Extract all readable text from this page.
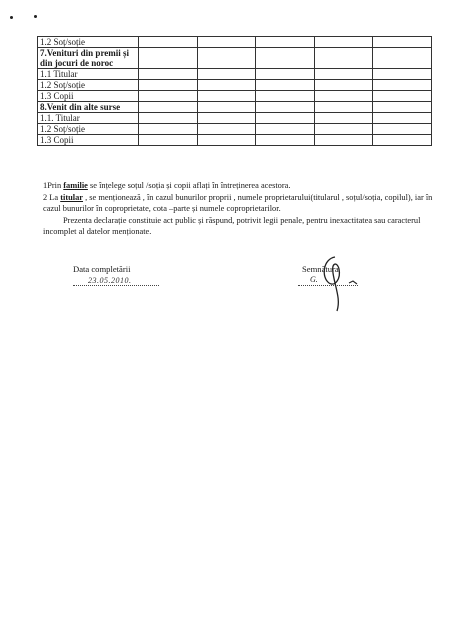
1.2 Soț/soție					
7.Venituri din premii și din jocuri de noroc					
1.1 Titular					
1.2 Soț/soție					
1.3 Copii					
8.Venit din alte surse					
1.1. Titular					
1.2 Soț/soție					
1.3 Copii					

1Prin familie se înțelege soțul /soția și copii aflați în întreținerea acestora.

2 La titular , se menționează , în cazul bunurilor proprii , numele proprietarului(titularul , soțul/soția, copilul), iar în cazul bunurilor în coproprietate, cota –parte și numele coproprietarilor.

Prezenta declarație constituie act public și răspund, potrivit legii penale, pentru inexactitatea sau caracterul incomplet al datelor menționate.

Data completării
23.05.2010.
Semnătura
G.
